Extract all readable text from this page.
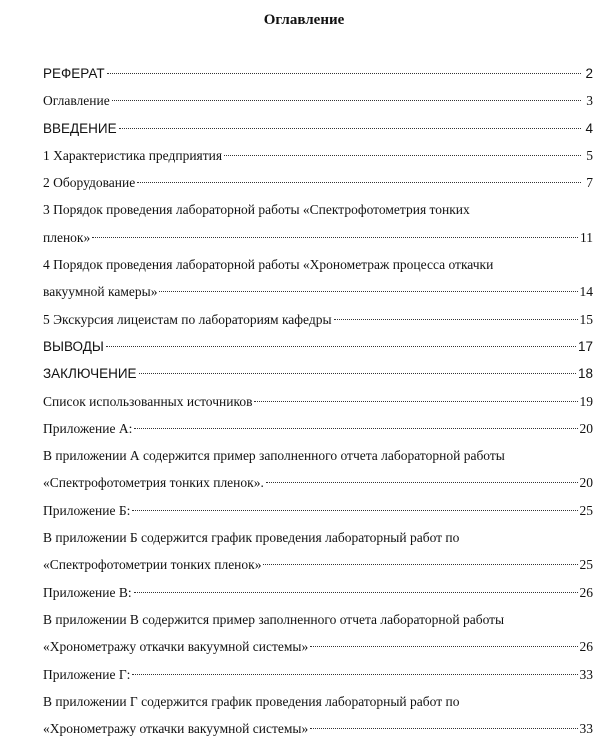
Оглавление
РЕФЕРАТ	2
Оглавление	3
ВВЕДЕНИЕ	4
1 Характеристика предприятия	5
2 Оборудование	7
3 Порядок проведения лабораторной работы «Спектрофотометрия тонких
пленок»	11
4 Порядок проведения лабораторной работы «Хронометраж процесса откачки
вакуумной камеры»	14
5 Экскурсия лицеистам по лабораториям кафедры	15
ВЫВОДЫ	17
ЗАКЛЮЧЕНИЕ	18
Список использованных источников	19
Приложение А:	20
В приложении А содержится пример заполненного отчета лабораторной работы
«Спектрофотометрия тонких пленок».	20
Приложение Б:	25
В приложении Б содержится график проведения лабораторный работ по
«Спектрофотометрии тонких пленок»	25
Приложение В:	26
В приложении В содержится пример заполненного отчета лабораторной работы
«Хронометражу откачки вакуумной системы»	26
Приложение Г:	33
В приложении Г содержится график проведения лабораторный работ по
«Хронометражу откачки вакуумной системы»	33
